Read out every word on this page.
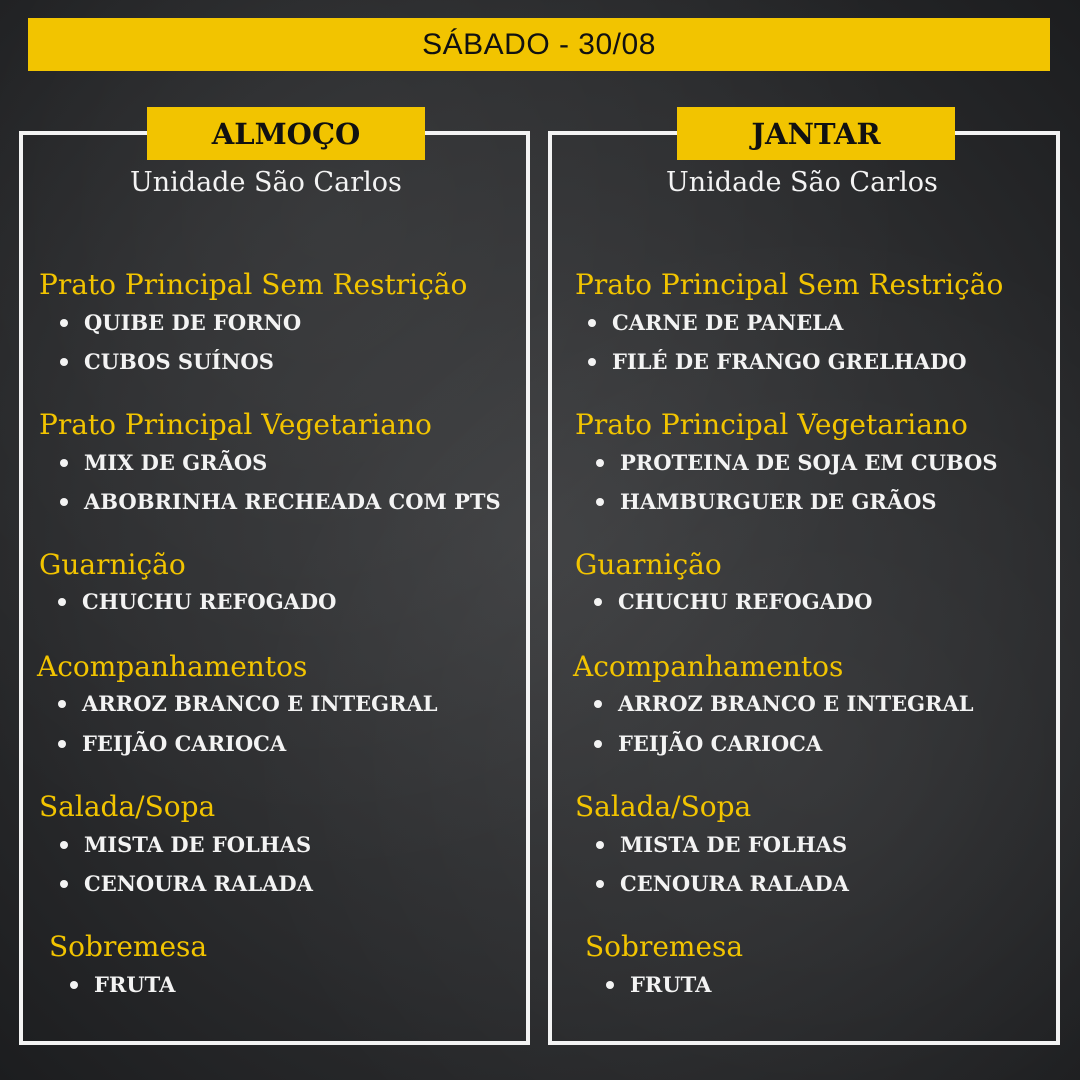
SÁBADO - 30/08
ALMOÇO
Unidade São Carlos
Prato Principal Sem Restrição
QUIBE DE FORNO
CUBOS SUÍNOS
Prato Principal Vegetariano
MIX DE GRÃOS
ABOBRINHA RECHEADA COM PTS
Guarnição
CHUCHU REFOGADO
Acompanhamentos
ARROZ BRANCO E INTEGRAL
FEIJÃO CARIOCA
Salada/Sopa
MISTA DE FOLHAS
CENOURA RALADA
Sobremesa
FRUTA
JANTAR
Unidade São Carlos
Prato Principal Sem Restrição
CARNE DE PANELA
FILÉ DE FRANGO GRELHADO
Prato Principal Vegetariano
PROTEINA DE SOJA EM CUBOS
HAMBURGUER DE GRÃOS
Guarnição
CHUCHU REFOGADO
Acompanhamentos
ARROZ BRANCO E INTEGRAL
FEIJÃO CARIOCA
Salada/Sopa
MISTA DE FOLHAS
CENOURA RALADA
Sobremesa
FRUTA
